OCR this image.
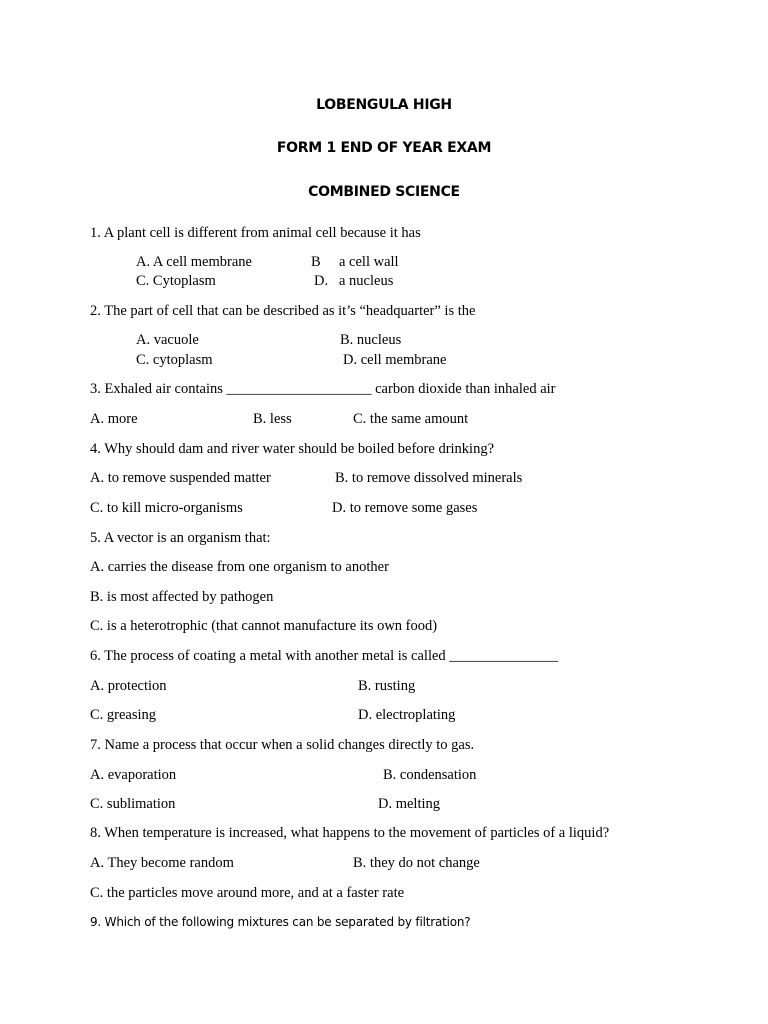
LOBENGULA HIGH
FORM 1 END OF YEAR EXAM
COMBINED SCIENCE
1. A plant cell is different from animal cell because it has
A. A cell membrane	B a cell wall
C. Cytoplasm	D. a nucleus
2. The part of cell that can be described as it’s “headquarter” is the
A. vacuole	B. nucleus
C. cytoplasm	D. cell membrane
3. Exhaled air contains ____________________ carbon dioxide than inhaled air
A. more	B. less	C. the same amount
4. Why should dam and river water should be boiled before drinking?
A. to remove suspended matter	B. to remove dissolved minerals
C. to kill micro-organisms	D. to remove some gases
5. A vector is an organism that:
A. carries the disease from one organism to another
B. is most affected by pathogen
C. is a heterotrophic (that cannot manufacture its own food)
6. The process of coating a metal with another metal is called _______________
A. protection	B. rusting
C. greasing	D. electroplating
7. Name a process that occur when a solid changes directly to gas.
A. evaporation	B. condensation
C. sublimation	D. melting
8. When temperature is increased, what happens to the movement of particles of a liquid?
A. They become random	B. they do not change
C. the particles move around more, and at a faster rate
9. Which of the following mixtures can be separated by filtration?
